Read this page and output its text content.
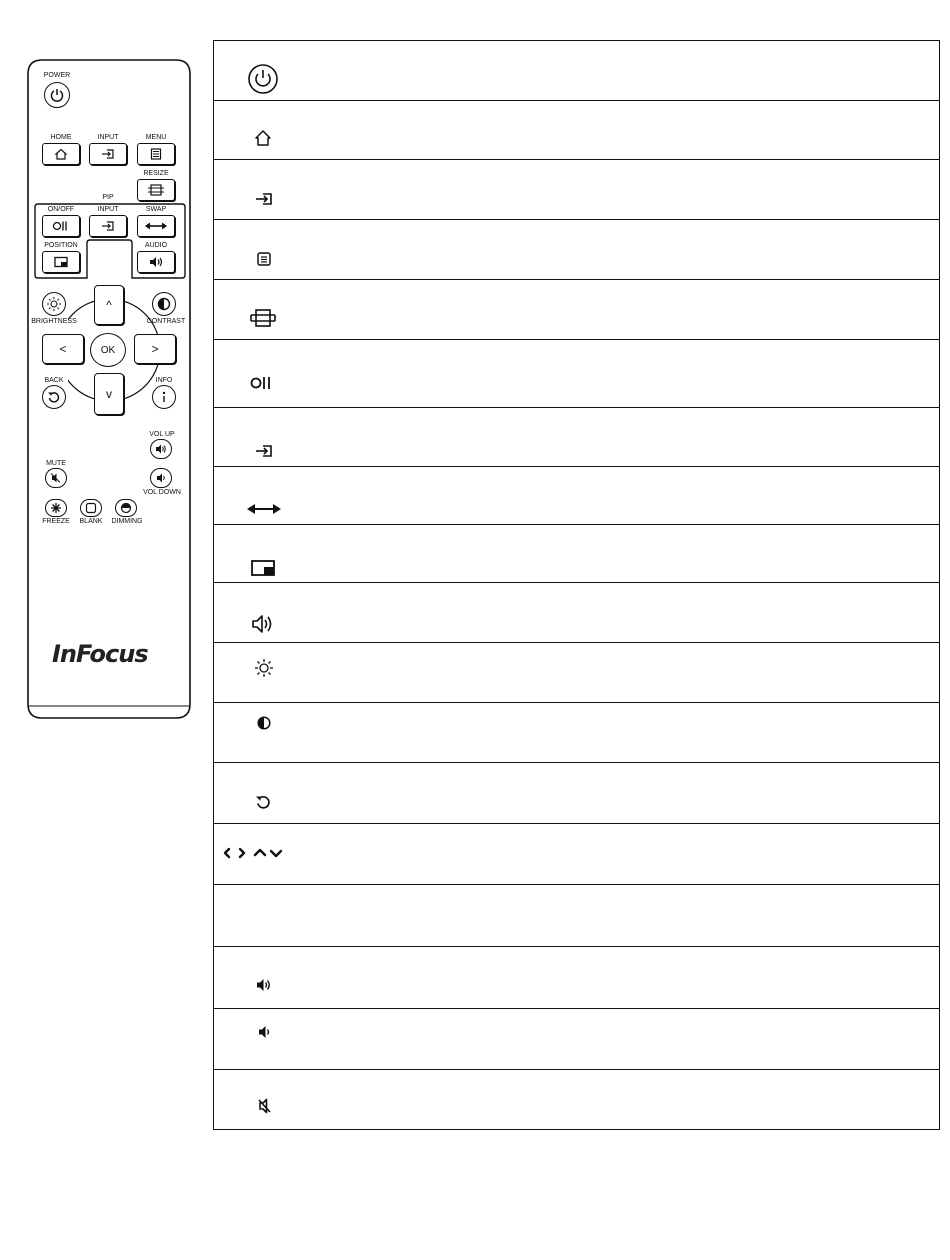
POWER
HOME	INPUT	MENU
RESIZE
PIP
ON/OFF	INPUT	SWAP
POSITION	AUDIO
^
v
<	>
OK
BRIGHTNESS	CONTRAST
BACK	INFO
VOL UP
MUTE
VOL DOWN
FREEZE	BLANK	DIMMING
InFocus
